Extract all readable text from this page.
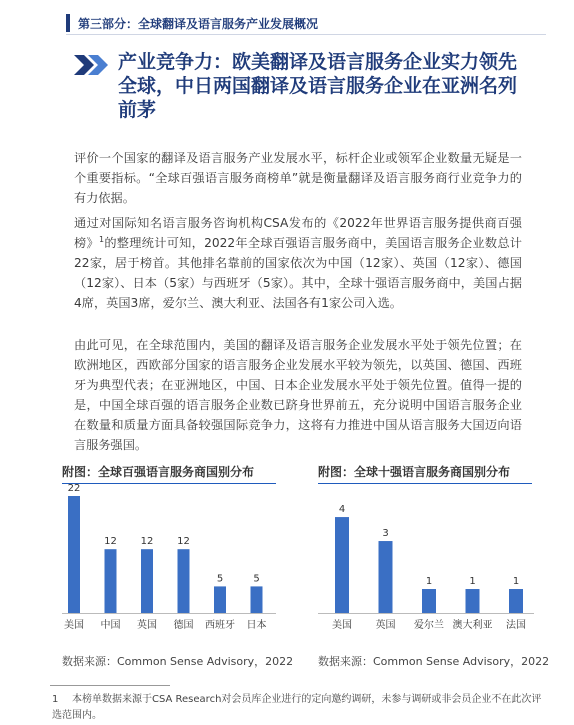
第三部分：全球翻译及语言服务产业发展概况
产业竞争力：欧美翻译及语言服务企业实力领先全球，中日两国翻译及语言服务企业在亚洲名列前茅
评价一个国家的翻译及语言服务产业发展水平，标杆企业或领军企业数量无疑是一个重要指标。“全球百强语言服务商榜单”就是衡量翻译及语言服务商行业竞争力的有力依据。
通过对国际知名语言服务咨询机构CSA发布的《2022年世界语言服务提供商百强榜》$^1$的整理统计可知，2022年全球百强语言服务商中，美国语言服务企业数总计22家，居于榜首。其他排名靠前的国家依次为中国（12家）、英国（12家）、德国（12家）、日本（5家）与西班牙（5家）。其中，全球十强语言服务商中，美国占据4席，英国3席，爱尔兰、澳大利亚、法国各有1家公司入选。
由此可见，在全球范围内，美国的翻译及语言服务企业发展水平处于领先位置；在欧洲地区，西欧部分国家的语言服务企业发展水平较为领先，以英国、德国、西班牙为典型代表；在亚洲地区，中国、日本企业发展水平处于领先位置。值得一提的是，中国全球百强的语言服务企业数已跻身世界前五，充分说明中国语言服务企业在数量和质量方面具备较强国际竞争力，这将有力推进中国从语言服务大国迈向语言服务强国。
附图：全球百强语言服务商国别分布
22
美国
12
中国
12
英国
12
德国
5
西班牙
5
日本
数据来源：Common Sense Advisory，2022
附图：全球十强语言服务商国别分布
4
美国
3
英国
1
爱尔兰
1
澳大利亚
1
法国
数据来源：Common Sense Advisory，2022
1 本榜单数据来源于CSA Research对会员库企业进行的定向邀约调研，未参与调研或非会员企业不在此次评选范围内。
